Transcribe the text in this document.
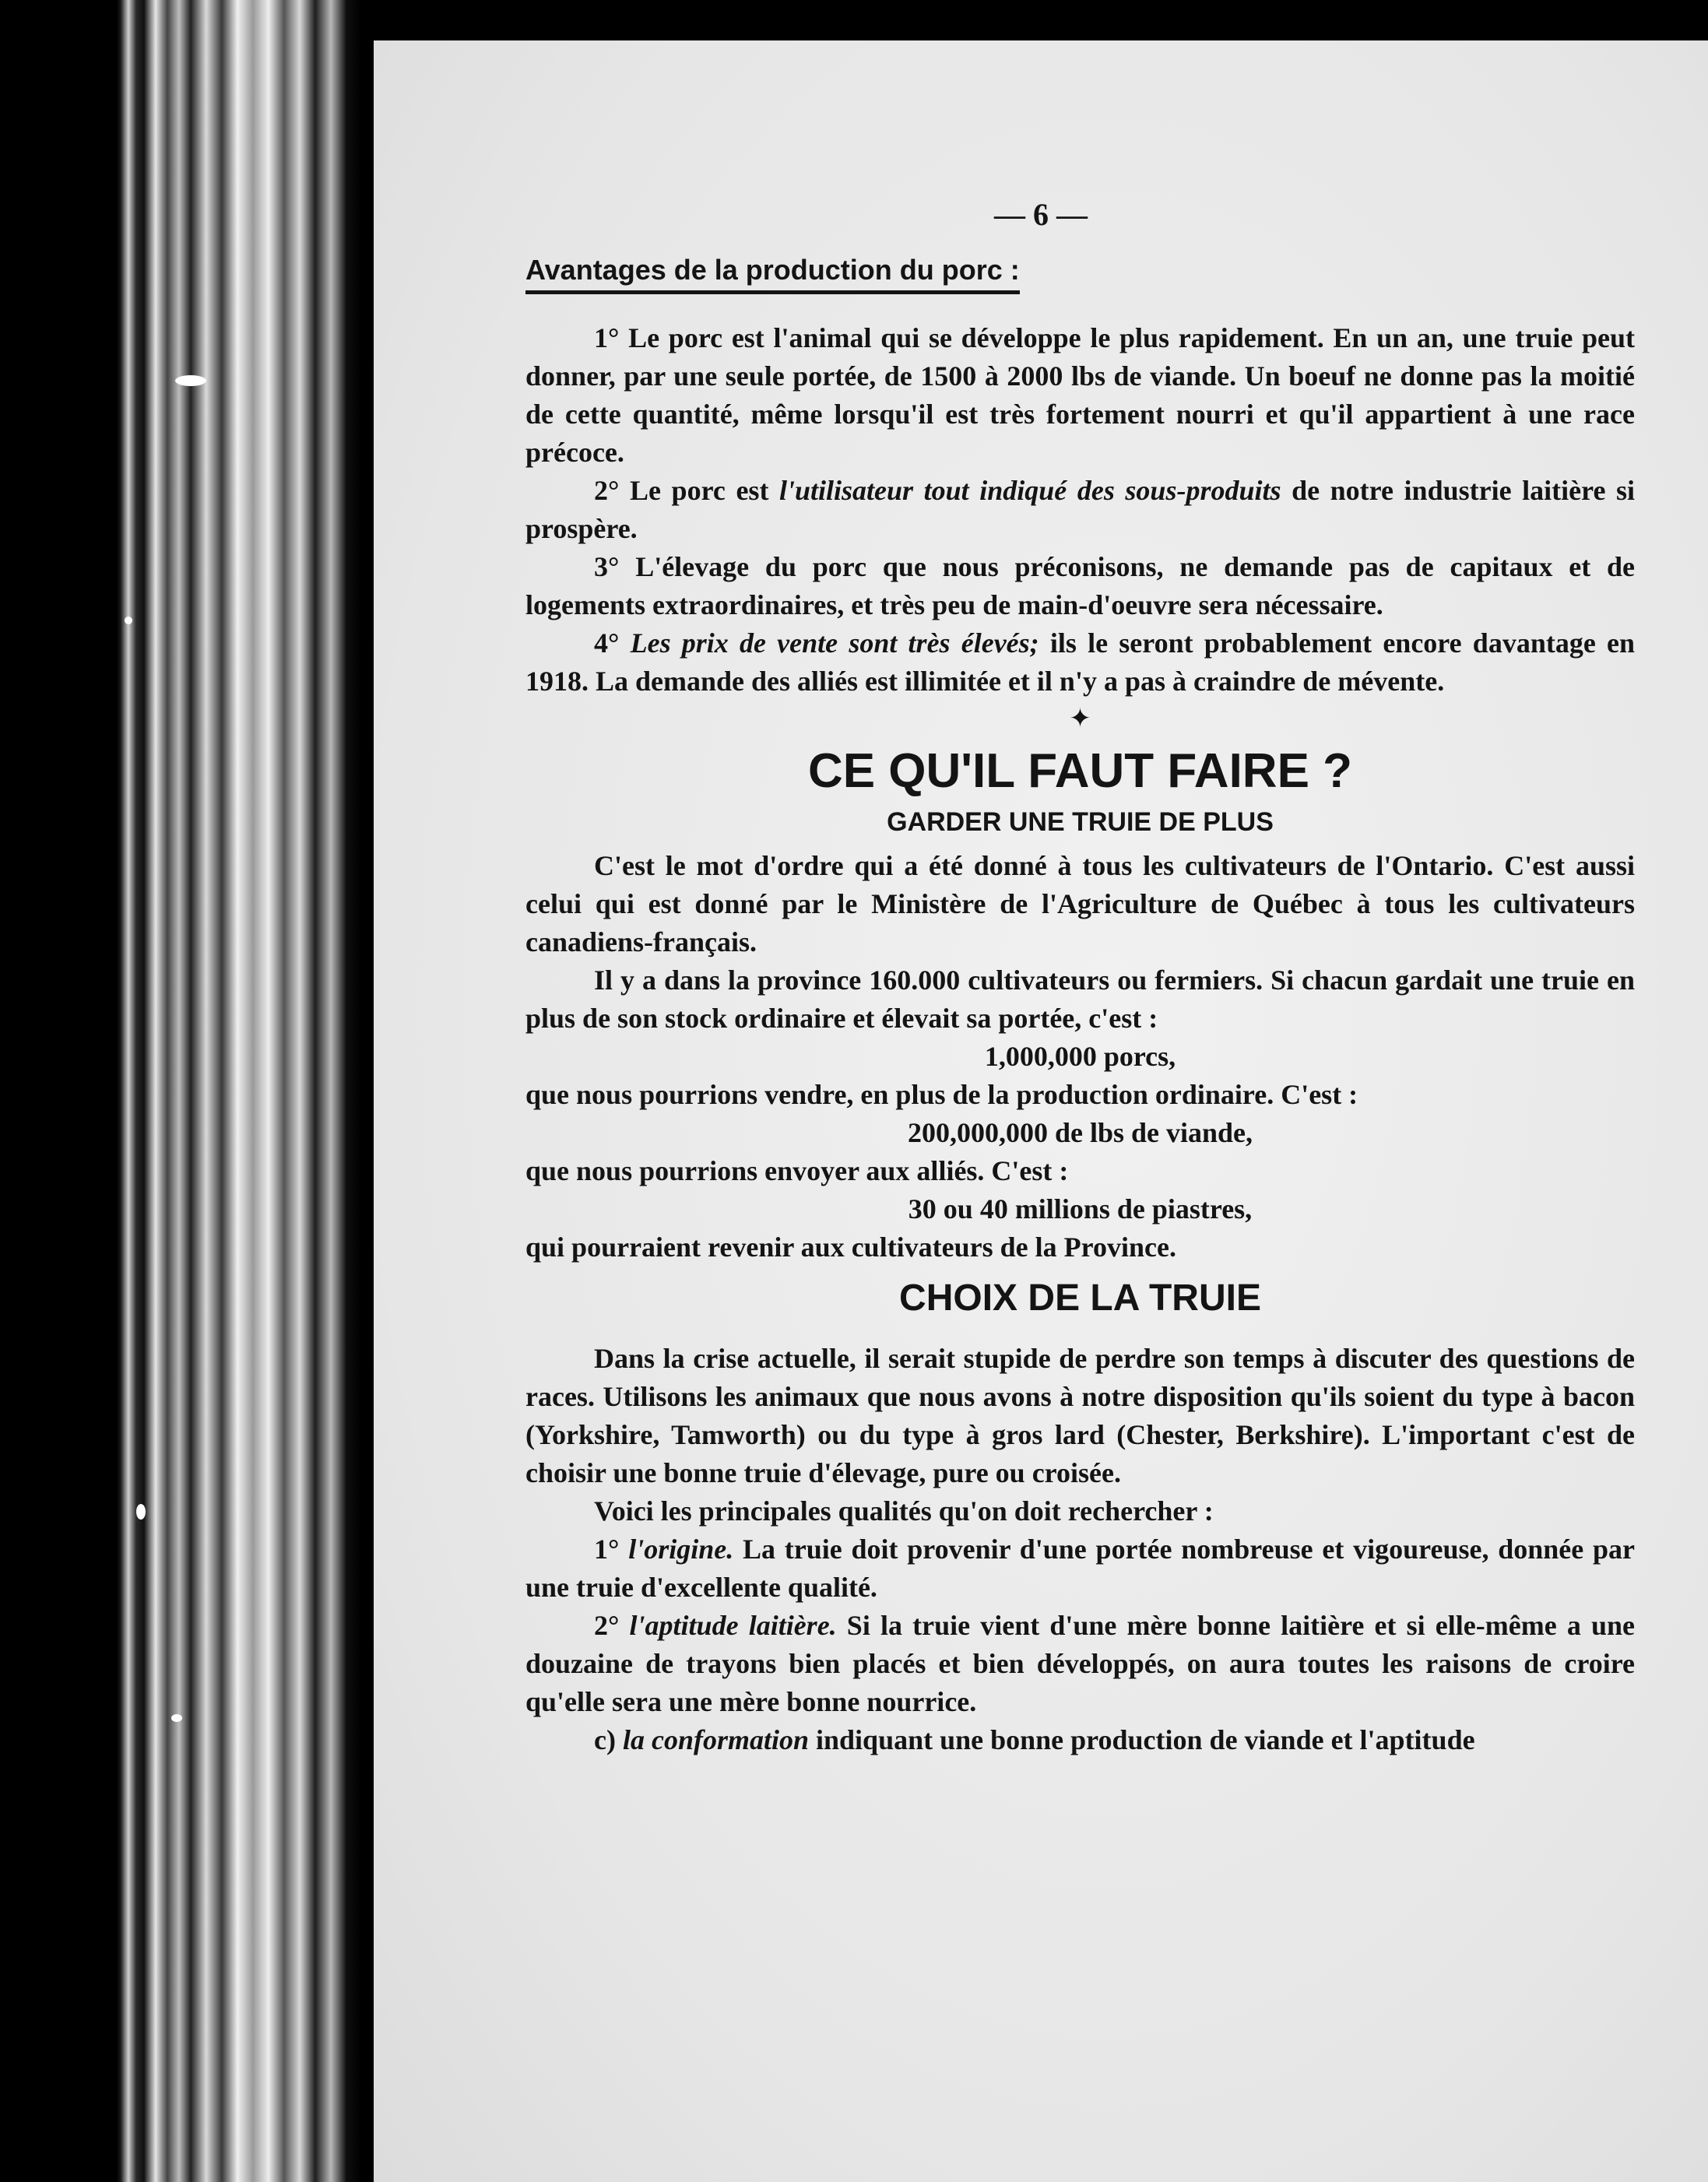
— 6 —
Avantages de la production du porc :

1° Le porc est l'animal qui se développe le plus rapidement. En un an, une truie peut donner, par une seule portée, de 1500 à 2000 lbs de viande. Un boeuf ne donne pas la moitié de cette quantité, même lorsqu'il est très fortement nourri et qu'il appartient à une race précoce.

2° Le porc est l'utilisateur tout indiqué des sous-produits de notre industrie laitière si prospère.

3° L'élevage du porc que nous préconisons, ne demande pas de capitaux et de logements extraordinaires, et très peu de main-d'oeuvre sera nécessaire.

4° Les prix de vente sont très élevés; ils le seront probablement encore davantage en 1918. La demande des alliés est illimitée et il n'y a pas à craindre de mévente.

✦
CE QU'IL FAUT FAIRE ?
GARDER UNE TRUIE DE PLUS

C'est le mot d'ordre qui a été donné à tous les cultivateurs de l'Ontario. C'est aussi celui qui est donné par le Ministère de l'Agriculture de Québec à tous les cultivateurs canadiens-français.

Il y a dans la province 160.000 cultivateurs ou fermiers. Si chacun gardait une truie en plus de son stock ordinaire et élevait sa portée, c'est :

1,000,000 porcs,

que nous pourrions vendre, en plus de la production ordinaire. C'est :

200,000,000 de lbs de viande,

que nous pourrions envoyer aux alliés. C'est :

30 ou 40 millions de piastres,

qui pourraient revenir aux cultivateurs de la Province.

CHOIX DE LA TRUIE

Dans la crise actuelle, il serait stupide de perdre son temps à discuter des questions de races. Utilisons les animaux que nous avons à notre disposition qu'ils soient du type à bacon (Yorkshire, Tamworth) ou du type à gros lard (Chester, Berkshire). L'important c'est de choisir une bonne truie d'élevage, pure ou croisée.

Voici les principales qualités qu'on doit rechercher :

1° l'origine. La truie doit provenir d'une portée nombreuse et vigoureuse, donnée par une truie d'excellente qualité.

2° l'aptitude laitière. Si la truie vient d'une mère bonne laitière et si elle-même a une douzaine de trayons bien placés et bien développés, on aura toutes les raisons de croire qu'elle sera une mère bonne nourrice.

c) la conformation indiquant une bonne production de viande et l'aptitude
